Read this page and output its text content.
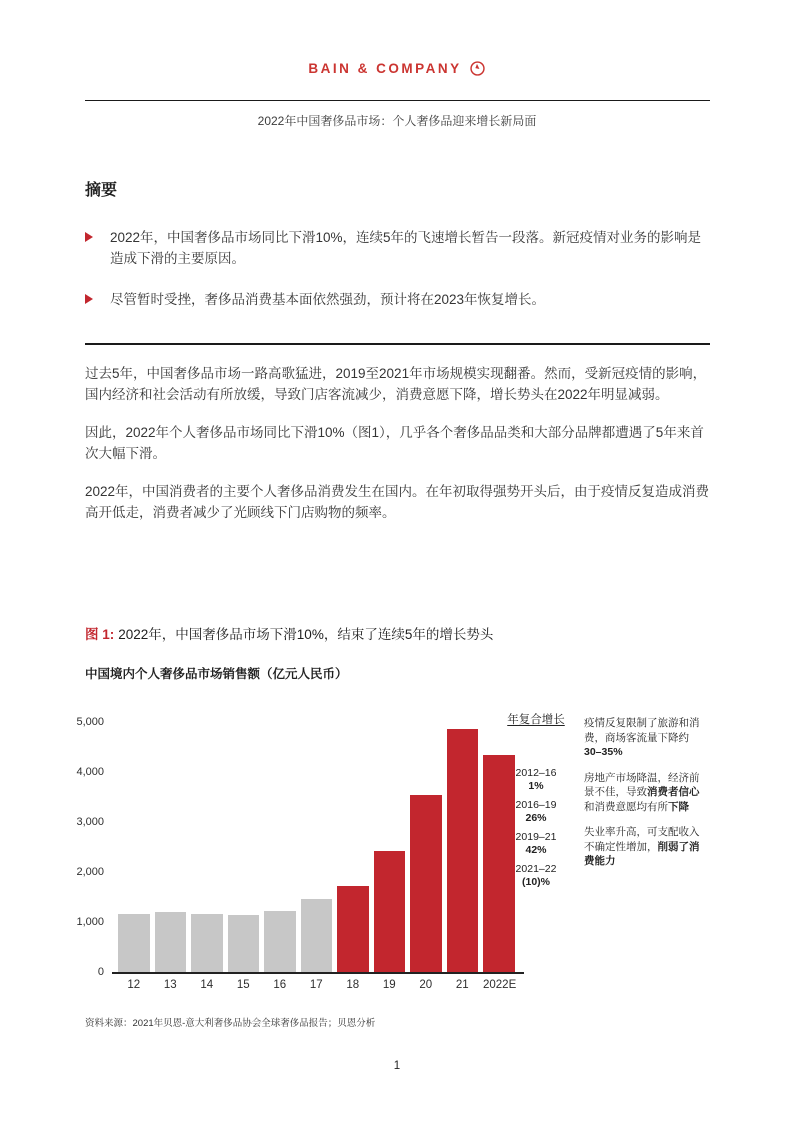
BAIN & COMPANY
2022年中国奢侈品市场：个人奢侈品迎来增长新局面
摘要

2022年，中国奢侈品市场同比下滑10%，连续5年的飞速增长暂告一段落。新冠疫情对业务的影响是造成下滑的主要原因。

尽管暂时受挫，奢侈品消费基本面依然强劲，预计将在2023年恢复增长。

过去5年，中国奢侈品市场一路高歌猛进，2019至2021年市场规模实现翻番。然而，受新冠疫情的影响，国内经济和社会活动有所放缓，导致门店客流减少，消费意愿下降，增长势头在2022年明显减弱。

因此，2022年个人奢侈品市场同比下滑10%（图1），几乎各个奢侈品品类和大部分品牌都遭遇了5年来首次大幅下滑。

2022年，中国消费者的主要个人奢侈品消费发生在国内。在年初取得强势开头后，由于疫情反复造成消费高开低走，消费者减少了光顾线下门店购物的频率。

图 1: 2022年，中国奢侈品市场下滑10%，结束了连续5年的增长势头

中国境内个人奢侈品市场销售额（亿元人民币）

0
1,000
2,000
3,000
4,000
5,000
12 13 14 15 16 17 18 19 20 21 2022E
年复合增长
2012–16
1%
2016–19
26%
2019–21
42%
2021–22
(10)%

疫情反复限制了旅游和消费，商场客流量下降约30–35%

房地产市场降温，经济前景不佳，导致消费者信心和消费意愿均有所下降

失业率升高，可支配收入不确定性增加，削弱了消费能力

资料来源：2021年贝恩-意大利奢侈品协会全球奢侈品报告；贝恩分析

1
